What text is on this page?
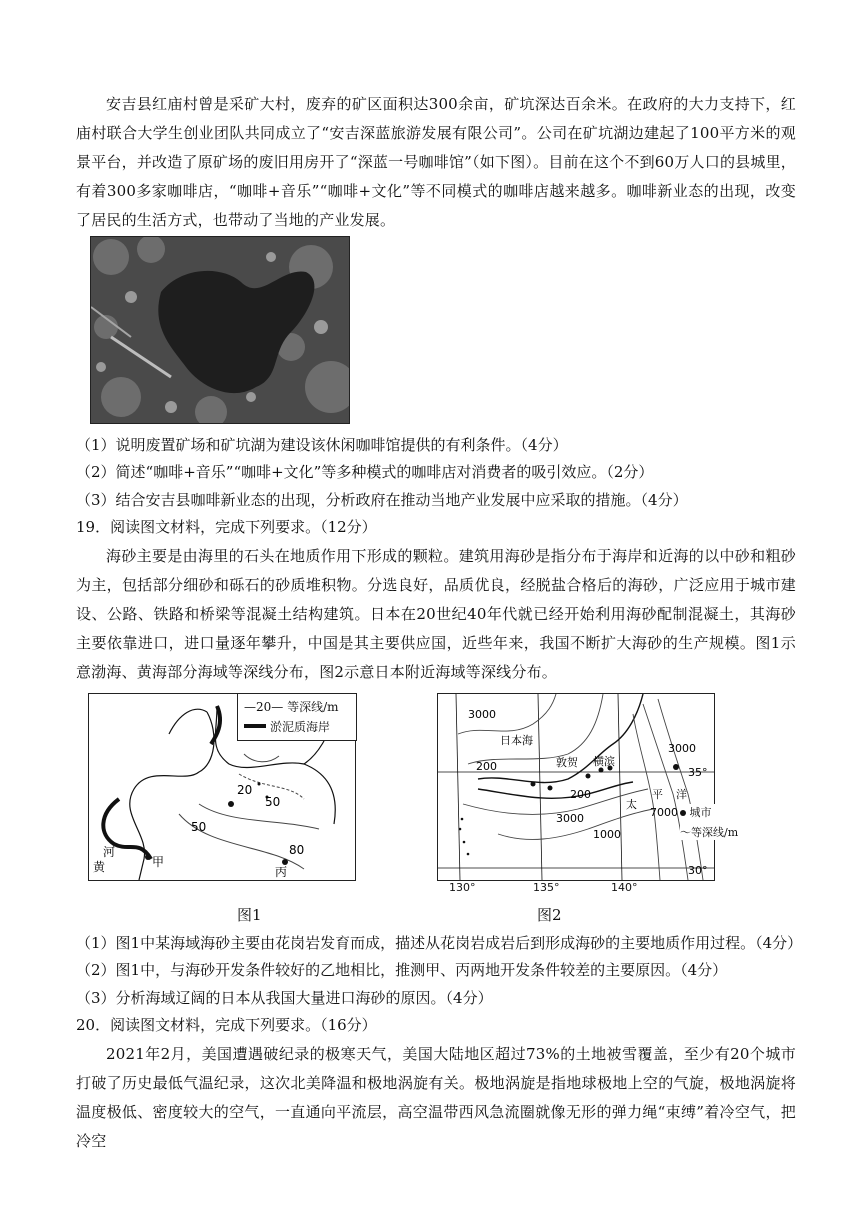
安吉县红庙村曾是采矿大村，废弃的矿区面积达300余亩，矿坑深达百余米。在政府的大力支持下，红庙村联合大学生创业团队共同成立了“安吉深蓝旅游发展有限公司”。公司在矿坑湖边建起了100平方米的观景平台，并改造了原矿场的废旧用房开了“深蓝一号咖啡馆”（如下图）。目前在这个不到60万人口的县城里，有着300多家咖啡店，“咖啡+音乐”“咖啡+文化”等不同模式的咖啡店越来越多。咖啡新业态的出现，改变了居民的生活方式，也带动了当地的产业发展。
（1）说明废置矿场和矿坑湖为建设该休闲咖啡馆提供的有利条件。（4分）
（2）简述“咖啡+音乐”“咖啡+文化”等多种模式的咖啡店对消费者的吸引效应。（2分）
（3）结合安吉县咖啡新业态的出现，分析政府在推动当地产业发展中应采取的措施。（4分）
19．阅读图文材料，完成下列要求。（12分）
海砂主要是由海里的石头在地质作用下形成的颗粒。建筑用海砂是指分布于海岸和近海的以中砂和粗砂为主，包括部分细砂和砾石的砂质堆积物。分选良好，品质优良，经脱盐合格后的海砂，广泛应用于城市建设、公路、铁路和桥梁等混凝土结构建筑。日本在20世纪40年代就已经开始利用海砂配制混凝土，其海砂主要依靠进口，进口量逐年攀升，中国是其主要供应国，近些年来，我国不断扩大海砂的生产规模。图1示意渤海、黄海部分海域等深线分布，图2示意日本附近海域等深线分布。
20
50
50
80
黄
河
甲
丙
—20— 等深线/m
淤泥质海岸
图1
3000
日本海
200	敦贺 横滨
3000
35°
200
太
平 洋
7000
3000
1000
30°
城市
〜等深线/m
130°	135°	140°
图2
（1）图1中某海域海砂主要由花岗岩发育而成，描述从花岗岩成岩后到形成海砂的主要地质作用过程。（4分）
（2）图1中，与海砂开发条件较好的乙地相比，推测甲、丙两地开发条件较差的主要原因。（4分）
（3）分析海域辽阔的日本从我国大量进口海砂的原因。（4分）
20．阅读图文材料，完成下列要求。（16分）
2021年2月，美国遭遇破纪录的极寒天气，美国大陆地区超过73%的土地被雪覆盖，至少有20个城市打破了历史最低气温纪录，这次北美降温和极地涡旋有关。极地涡旋是指地球极地上空的气旋，极地涡旋将温度极低、密度较大的空气，一直通向平流层，高空温带西风急流圈就像无形的弹力绳“束缚”着冷空气，把冷空
